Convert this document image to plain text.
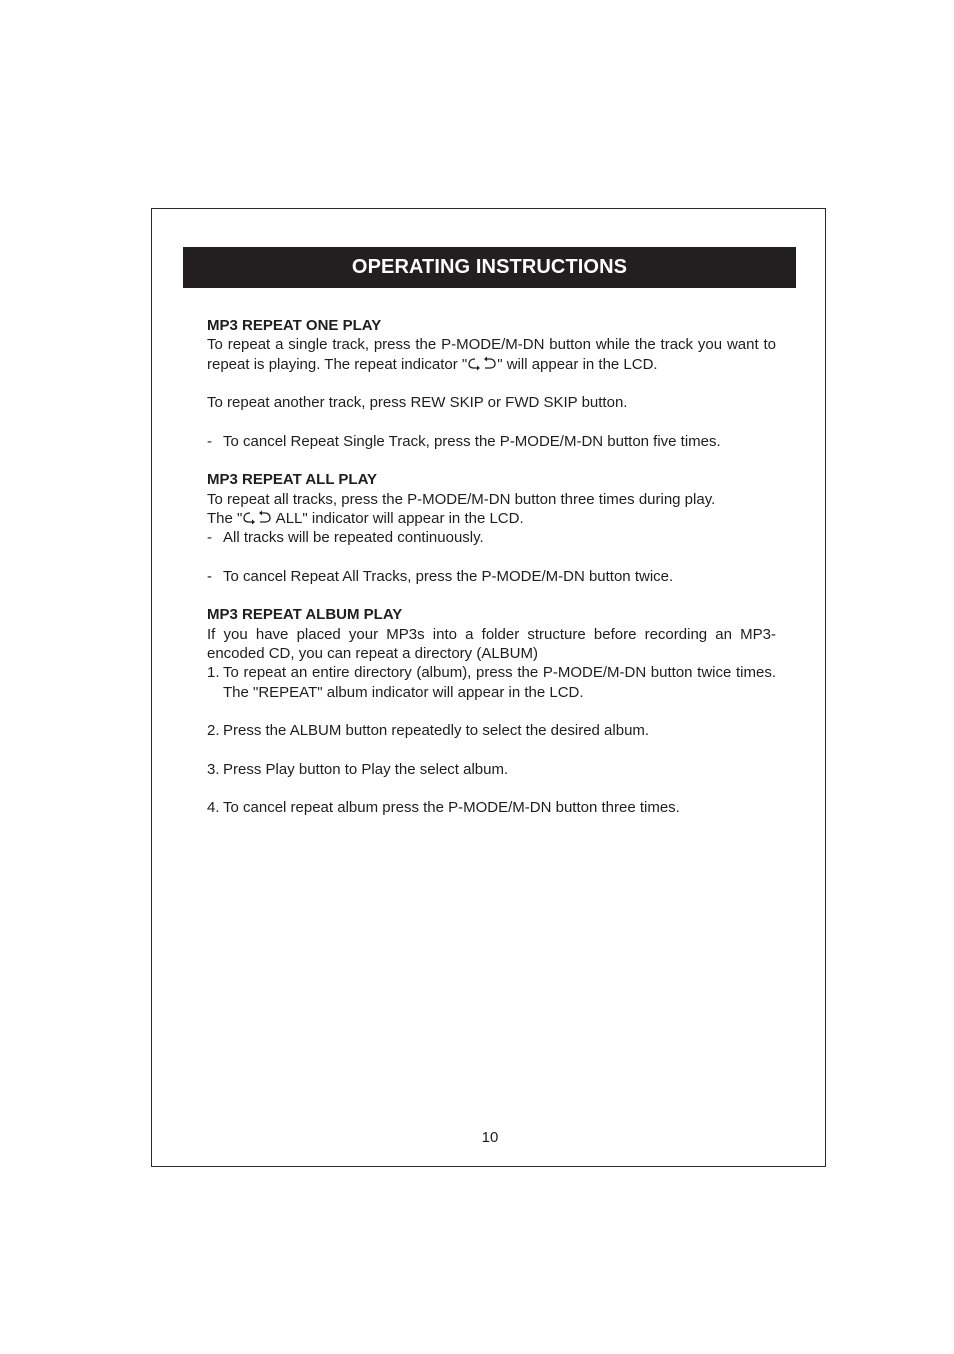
OPERATING INSTRUCTIONS

MP3 REPEAT ONE PLAY

To repeat a single track, press the P-MODE/M-DN button while the track you want to repeat is playing. The repeat indicator " " will appear in the LCD.

To repeat another track, press REW SKIP or FWD SKIP button.

- To cancel Repeat Single Track, press the P-MODE/M-DN button five times.

MP3 REPEAT ALL PLAY

To repeat all tracks, press the P-MODE/M-DN button three times during play.

The " ALL" indicator will appear in the LCD.

- All tracks will be repeated continuously.

- To cancel Repeat All Tracks, press the P-MODE/M-DN button twice.

MP3 REPEAT ALBUM PLAY

If you have placed your MP3s into a folder structure before recording an MP3-encoded CD, you can repeat a directory (ALBUM)

1. To repeat an entire directory (album), press the P-MODE/M-DN button twice times. The "REPEAT" album indicator will appear in the LCD.

2. Press the ALBUM button repeatedly to select the desired album.

3. Press Play button to Play the select album.

4. To cancel repeat album press the P-MODE/M-DN button three times.

10
